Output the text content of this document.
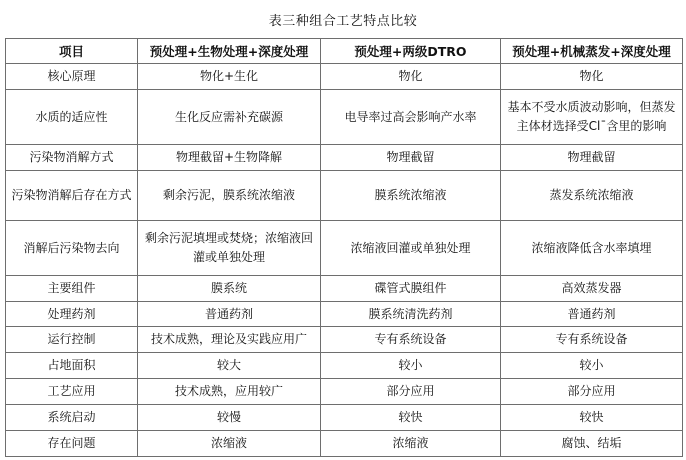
表三种组合工艺特点比较
项目	预处理+生物处理+深度处理	预处理+两级DTRO	预处理+机械蒸发+深度处理
核心原理	物化+生化	物化	物化
水质的适应性	生化反应需补充碳源	电导率过高会影响产水率	基本不受水质波动影响，但蒸发主体材选择受Cl¯含里的影响
污染物消解方式	物理截留+生物降解	物理截留	物理截留
污染物消解后存在方式	剩余污泥，膜系统浓缩液	膜系统浓缩液	蒸发系统浓缩液
消解后污染物去向	剩余污泥填埋或焚烧；浓缩液回灌或单独处理	浓缩液回灌或单独处理	浓缩液降低含水率填埋
主要组件	膜系统	碟管式膜组件	高效蒸发器
处理药剂	普通药剂	膜系统清洗药剂	普通药剂
运行控制	技术成熟，理论及实践应用广	专有系统设备	专有系统设备
占地面积	较大	较小	较小
工艺应用	技术成熟，应用较广	部分应用	部分应用
系统启动	较慢	较快	较快
存在问题	浓缩液	浓缩液	腐蚀、结垢
